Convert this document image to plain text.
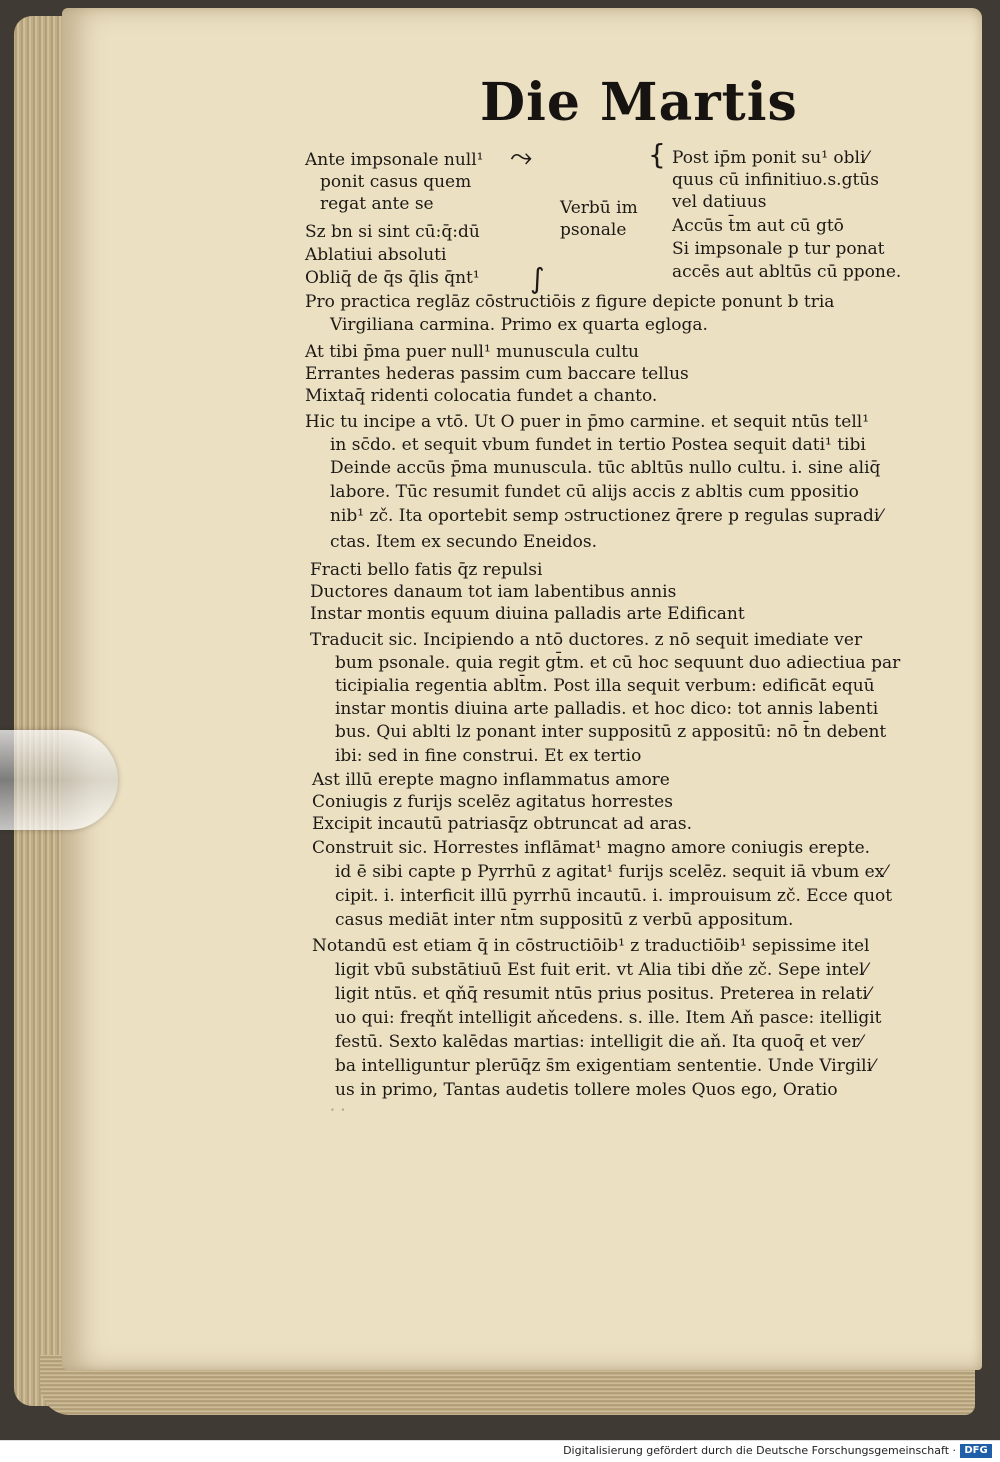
Die Martis
Ante impsonale null¹
ponit casus quem
regat ante se
Sz bn si sint cū:q̄:dū
Ablatiui absoluti
Obliq̄ de q̄s q̄lis q̄nt¹
⤳
∫
{
Verbū im
psonale
Post ip̄m ponit su¹ obli⁄
quus cū infinitiuo.s.gtūs
vel datiuus
Accūs t̄m aut cū gtō
Si impsonale p tur ponat
accēs aut abltūs cū ppone.
Pro practica reglāz cōstructiōis z figure depicte ponunt b tria
Virgiliana carmina. Primo ex quarta egloga.
At tibi p̄ma puer null¹ munuscula cultu
Errantes hederas passim cum baccare tellus
Mixtaq̄ ridenti colocatia fundet a chanto.
Hic tu incipe a vtō. Ut O puer in p̄mo carmine. et sequit ntūs tell¹
in sc̄do. et sequit vbum fundet in tertio Postea sequit dati¹ tibi
Deinde accūs p̄ma munuscula. tūc abltūs nullo cultu. i. sine aliq̄
labore. Tūc resumit fundet cū alijs accis z abltis cum ppositio
nib¹ zč. Ita oportebit semp ɔstructionez q̄rere p regulas supradi⁄
ctas. Item ex secundo Eneidos.
Fracti bello fatis q̄z repulsi
Ductores danaum tot iam labentibus annis
Instar montis equum diuina palladis arte Edificant
Traducit sic. Incipiendo a ntō ductores. z nō sequit imediate ver
bum psonale. quia regit gt̄m. et cū hoc sequunt duo adiectiua par
ticipialia regentia ablt̄m. Post illa sequit verbum: edificāt equū
instar montis diuina arte palladis. et hoc dico: tot annis labenti
bus. Qui ablti lz ponant inter suppositū z appositū: nō t̄n debent
ibi: sed in fine construi. Et ex tertio
Ast illū erepte magno inflammatus amore
Coniugis z furijs scelēz agitatus horrestes
Excipit incautū patriasq̄z obtruncat ad aras.
Construit sic. Horrestes inflāmat¹ magno amore coniugis erepte.
id ē sibi capte p Pyrrhū z agitat¹ furijs scelēz. sequit iā vbum ex⁄
cipit. i. interficit illū pyrrhū incautū. i. improuisum zč. Ecce quot
casus mediāt inter nt̄m suppositū z verbū appositum.
Notandū est etiam q̄ in cōstructiōib¹ z traductiōib¹ sepissime itel
ligit vbū substātiuū Est fuit erit. vt Alia tibi dňe zč. Sepe intel⁄
ligit ntūs. et qňq̄ resumit ntūs prius positus. Preterea in relati⁄
uo qui: freqňt intelligit aňcedens. s. ille. Item Aň pasce: itelligit
festū. Sexto kalēdas martias: intelligit die aň. Ita quoq̄ et ver⁄
ba intelliguntur plerūq̄z s̄m exigentiam sententie. Unde Virgili⁄
us in primo, Tantas audetis tollere moles Quos ego, Oratio
⸱ ⸱
Digitalisierung gefördert durch die Deutsche Forschungsgemeinschaft · DFG
